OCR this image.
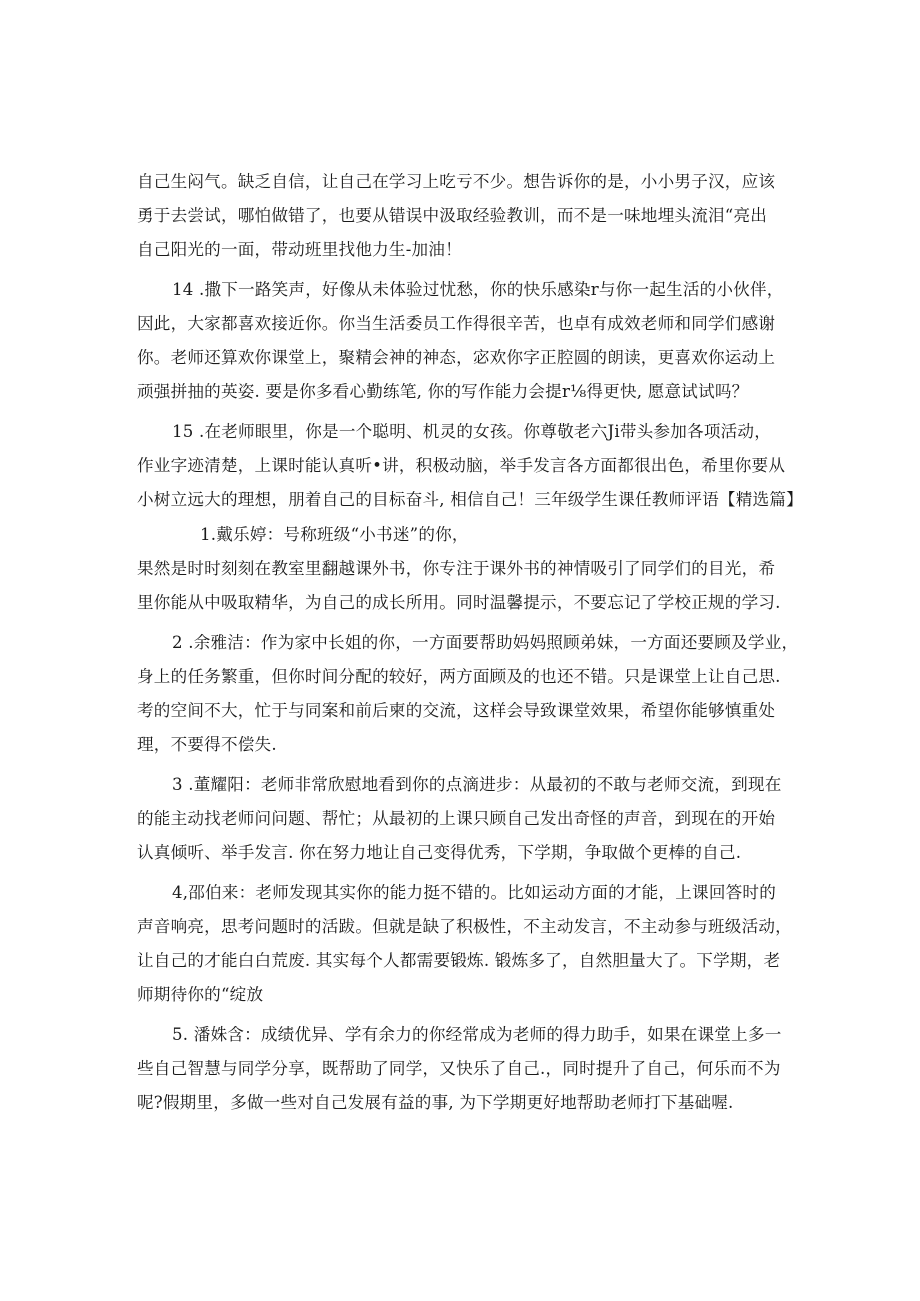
自己生闷气。缺乏自信，让自己在学习上吃亏不少。想告诉你的是，小小男子汉，应该
勇于去尝试，哪怕做错了，也要从错误中汲取经验教训，而不是一味地埋头流泪“亮出
自己阳光的一面，带动班里找他力生-加油！
14 .撒下一路笑声，好像从未体验过忧愁，你的快乐感染r与你一起生活的小伙伴，
因此，大家都喜欢接近你。你当生活委员工作得很辛苦，也卓有成效老师和同学们感谢
你。老师还算欢你课堂上，聚精会神的神态，宓欢你字正腔圆的朗读，更喜欢你运动上
顽强拼抽的英姿. 要是你多看心勤练笔, 你的写作能力会提r⅛得更快, 愿意试试吗？
15 .在老师眼里，你是一个聪明、机灵的女孩。你尊敬老六Ji带头参加各项活动，
作业字迹清楚，上课时能认真听•讲，积极动脑，举手发言各方面都很出色，希里你要从
小树立远大的理想，朋着自己的目标奋斗, 相信自己！三年级学生课任教师评语【精选篇】
1.戴乐婷：号称班级“小书迷”的你，
果然是时时刻刻在教室里翻越课外书，你专注于课外书的神情吸引了同学们的目光，希
里你能从中吸取精华，为自己的成长所用。同时温馨提示，不要忘记了学校正规的学习.
2 .余雅洁：作为家中长姐的你，一方面要帮助妈妈照顾弟妹，一方面还要顾及学业，
身上的任务繁重，但你时间分配的较好，两方面顾及的也还不错。只是课堂上让自己思.
考的空间不大，忙于与同案和前后柬的交流，这样会导致课堂效果，希望你能够慎重处
理，不要得不偿失.
3 .董耀阳：老师非常欣慰地看到你的点滴进步：从最初的不敢与老师交流，到现在
的能主动找老师问问题、帮忙；从最初的上课只顾自己发出奇怪的声音，到现在的开始
认真倾听、举手发言. 你在努力地让自己变得优秀，下学期，争取做个更棒的自己.
4,邵伯来：老师发现其实你的能力挺不错的。比如运动方面的才能，上课回答时的
声音响亮，思考问题时的活跋。但就是缺了积极性，不主动发言，不主动参与班级活动，
让自己的才能白白荒废. 其实每个人都需要锻炼. 锻炼多了，自然胆量大了。下学期，老
师期待你的“绽放
5. 潘姝含：成绩优异、学有余力的你经常成为老师的得力助手，如果在课堂上多一
些自己智慧与同学分享，既帮助了同学，又快乐了自己.，同时提升了自己，何乐而不为
呢?假期里，多做一些对自己发展有益的事, 为下学期更好地帮助老师打下基础喔.
